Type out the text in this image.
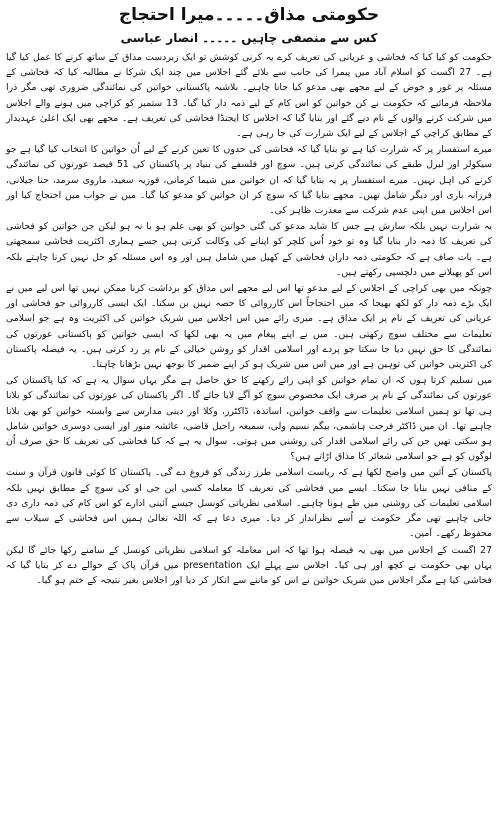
حکومتی مذاق۔۔۔۔۔میرا احتجاج
کس سے منصفی چاہیں۔۔۔۔۔انصار عباسی

حکومت کو کیا کیا کہ فحاشی و عریانی کی تعریف کرے یہ کرنی کوشش تو ایک زبردست مذاق کے ساتھ کرنے کا عمل کیا گیا ہے۔ 27 اگست کو اسلام آباد میں پیمرا کی جانب سے بلائے گئے اجلاس میں چند ایک شرکا نے مطالبہ کیا کہ فحاشی کے مسئلہ پر غور و خوض کے لیے مجھے بھی مدعو کیا جانا چاہیے۔ بلاشبہ پاکستانی خواتین کی نمائندگی ضروری تھی مگر ذرا ملاحظہ فرمائیے کہ حکومت نے کن خواتین کو اس کام کے لیے ذمہ دار کیا گیا۔ 13 ستمبر کو کراچی میں ہونے والے اجلاس میں شرکت کرنے والوں کے نام دیے گئے اور بتایا گیا کہ اجلاس کا ایجنڈا فحاشی کی تعریف ہے۔ مجھے بھی ایک اعلیٰ عہدیدار کے مطابق کراچی کے اجلاس کے لیے ایک شرارت کی جا رہی ہے۔

میرے استفسار پر کہ شرارت کیا ہے تو بتایا گیا کہ فحاشی کی حدوں کا تعین کرنے کے لیے اُن خواتین کا انتخاب کیا گیا ہے جو سیکولر اور لبرل طبقے کی نمائندگی کرتی ہیں۔ سوچ اور فلسفے کی بنیاد پر پاکستان کی 51 فیصد عورتوں کی نمائندگی کرنے کی اہل نہیں۔ میرے استفسار پر یہ بتایا گیا کہ ان خواتین میں شیما کرمانی، فوزیہ سعید، ماروی سرمد، حنا جیلانی، فرزانہ باری اور دیگر شامل تھیں۔ مجھے بتایا گیا کہ سوچ کر ان خواتین کو مدعو کیا گیا۔ میں نے جواب میں احتجاج کیا اور اس اجلاس میں اپنی عدم شرکت سے معذرت ظاہر کی۔

یہ شرارت نہیں بلکہ سازش ہے جس کا شاید مدعو کی گئی خواتین کو بھی علم ہو یا نہ ہو لیکن جن خواتین کو فحاشی کی تعریف کا ذمہ دار بنایا گیا وہ تو خود اُس کلچر کو اپنانے کی وکالت کرتی ہیں جسے ہماری اکثریت فحاشی سمجھتی ہے۔ بات صاف ہے کہ حکومتی ذمہ داران فحاشی کے کھیل میں شامل ہیں اور وہ اس مسئلہ کو حل نہیں کرنا چاہتے بلکہ اس کو پھیلانے میں دلچسپی رکھتے ہیں۔

چونکہ میں بھی کراچی کے اجلاس کے لیے مدعو تھا اس لیے مجھے اس مذاق کو برداشت کرنا ممکن نہیں تھا اس لیے میں نے ایک بڑے ذمہ دار کو لکھ بھیجا کہ میں احتجاجاً اس کارروائی کا حصہ نہیں بن سکتا۔ ایک ایسی کارروائی جو فحاشی اور عریانی کی تعریف کے نام پر ایک مذاق ہے۔ میری رائے میں اس اجلاس میں شریک خواتین کی اکثریت وہ ہے جو اسلامی تعلیمات سے مختلف سوچ رکھتی ہیں۔ میں نے اپنے پیغام میں یہ بھی لکھا کہ ایسی خواتین کو پاکستانی عورتوں کی نمائندگی کا حق نہیں دیا جا سکتا جو پردے اور اسلامی اقدار کو روشن خیالی کے نام پر رد کرتی ہیں۔ یہ فیصلہ پاکستان کی اکثریتی خواتین کی توہین ہے اور میں اس میں شریک ہو کر اپنے ضمیر کا بوجھ نہیں بڑھانا چاہتا۔

میں تسلیم کرتا ہوں کہ ان تمام خواتین کو اپنی رائے رکھنے کا حق حاصل ہے مگر یہاں سوال یہ ہے کہ کیا پاکستان کی عورتوں کی نمائندگی کے نام پر صرف ایک مخصوص سوچ کو آگے لایا جائے گا۔ اگر پاکستان کی عورتوں کی نمائندگی کو بلانا ہی تھا تو ہمیں اسلامی تعلیمات سے واقف خواتین، اساتذہ، ڈاکٹرز، وکلا اور دینی مدارس سے وابستہ خواتین کو بھی بلانا چاہیے تھا۔ ان میں ڈاکٹر فرحت ہاشمی، بیگم نسیم ولی، سمیعہ راحیل قاضی، عائشہ منور اور ایسی دوسری خواتین شامل ہو سکتی تھیں جن کی رائے اسلامی اقدار کی روشنی میں ہوتی۔ سوال یہ ہے کہ کیا فحاشی کی تعریف کا حق صرف اُن لوگوں کو ہے جو اسلامی شعائر کا مذاق اڑاتے ہیں؟

پاکستان کے آئین میں واضح لکھا ہے کہ ریاست اسلامی طرز زندگی کو فروغ دے گی۔ پاکستان کا کوئی قانون قرآن و سنت کے منافی نہیں بنایا جا سکتا۔ ایسے میں فحاشی کی تعریف کا معاملہ کسی این جی او کی سوچ کے مطابق نہیں بلکہ اسلامی تعلیمات کی روشنی میں طے ہونا چاہیے۔ اسلامی نظریاتی کونسل جیسے آئینی ادارے کو اس کام کی ذمہ داری دی جانی چاہیے تھی مگر حکومت نے اُسے نظرانداز کر دیا۔ میری دعا ہے کہ اللہ تعالیٰ ہمیں اس فحاشی کے سیلاب سے محفوظ رکھے۔ آمین۔

27 اگست کے اجلاس میں بھی یہ فیصلہ ہوا تھا کہ اس معاملہ کو اسلامی نظریاتی کونسل کے سامنے رکھا جائے گا لیکن یہاں بھی حکومت نے کچھ اور ہی کیا۔ اجلاس سے پہلے ایک presentation میں قرآن پاک کے حوالے دے کر بتایا گیا کہ فحاشی کیا ہے مگر اجلاس میں شریک خواتین نے اس کو ماننے سے انکار کر دیا اور اجلاس بغیر نتیجہ کے ختم ہو گیا۔
